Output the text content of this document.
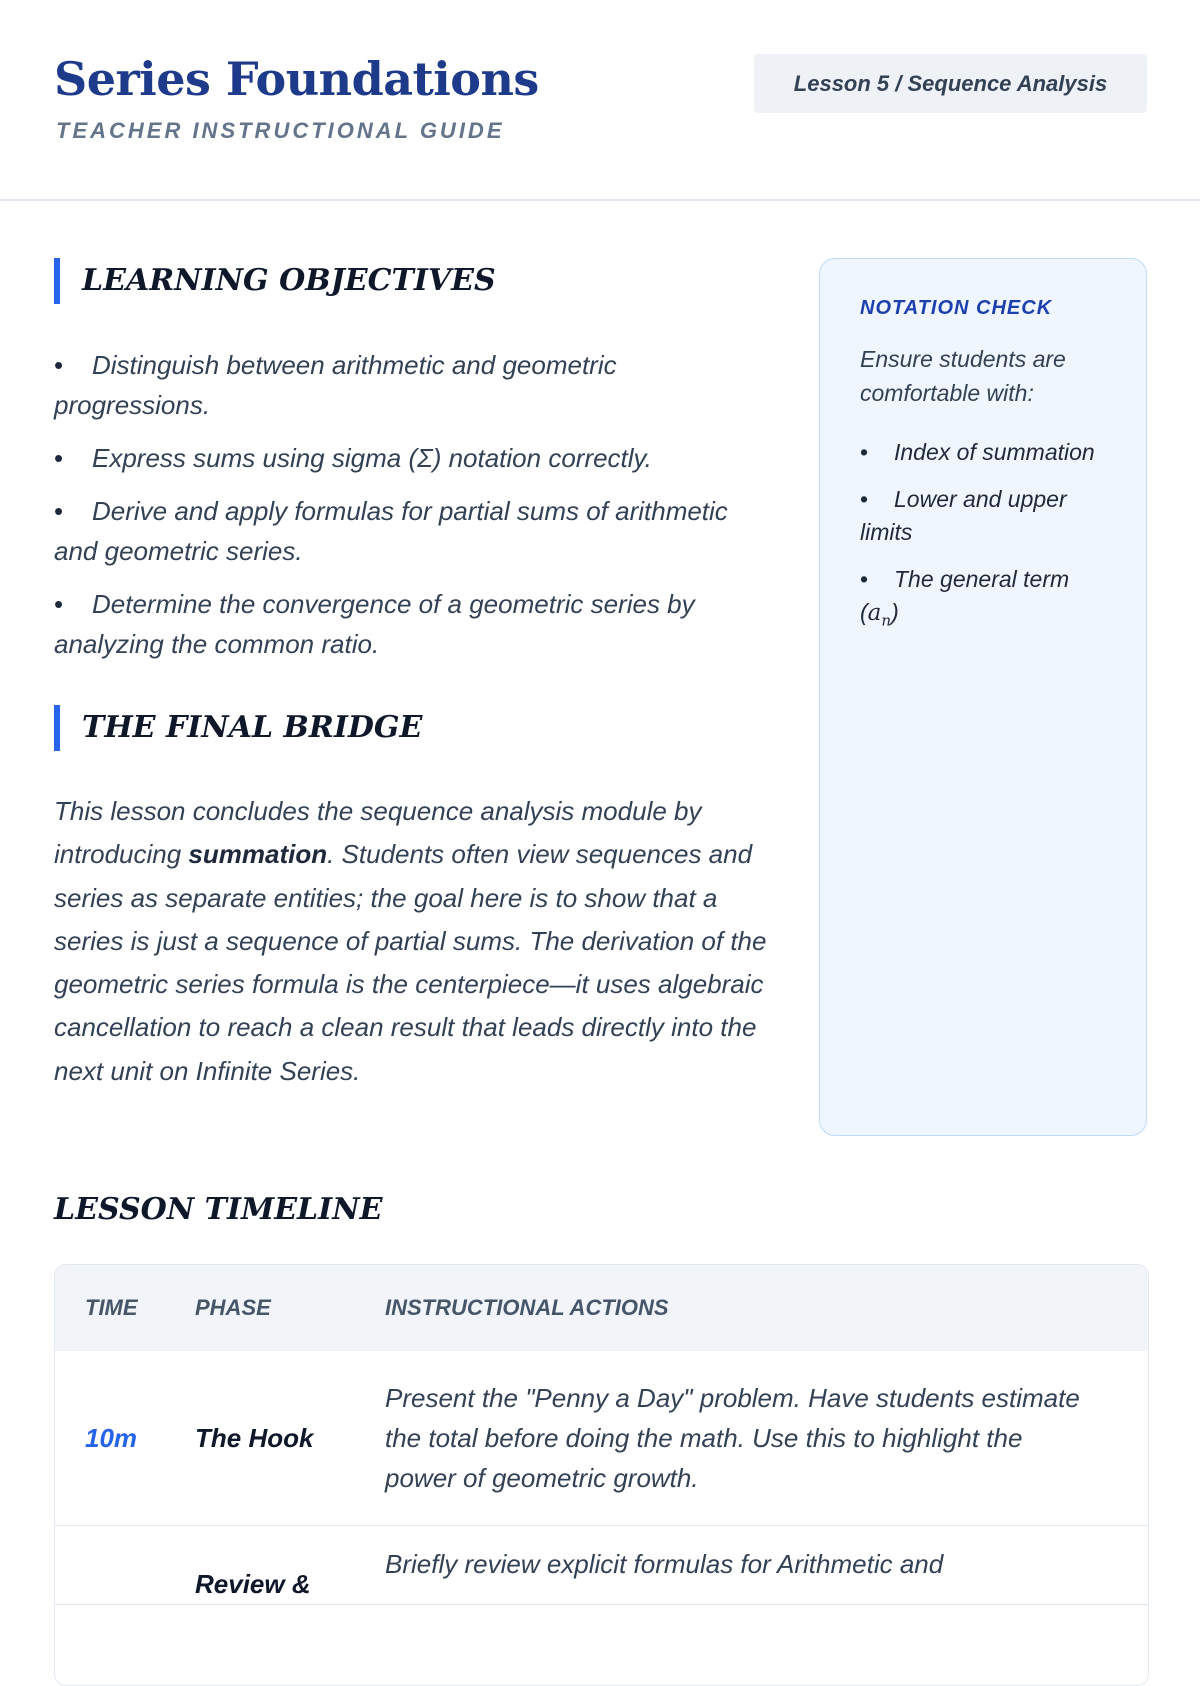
Series Foundations
TEACHER INSTRUCTIONAL GUIDE
Lesson 5 / Sequence Analysis
LEARNING OBJECTIVES
• Distinguish between arithmetic and geometric progressions.
• Express sums using sigma (Σ) notation correctly.
• Derive and apply formulas for partial sums of arithmetic and geometric series.
• Determine the convergence of a geometric series by analyzing the common ratio.
THE FINAL BRIDGE

This lesson concludes the sequence analysis module by introducing summation. Students often view sequences and series as separate entities; the goal here is to show that a series is just a sequence of partial sums. The derivation of the geometric series formula is the centerpiece—it uses algebraic cancellation to reach a clean result that leads directly into the next unit on Infinite Series.

NOTATION CHECK

Ensure students are comfortable with:

• Index of summation
• Lower and upper limits
• The general term $(a_n)$
LESSON TIMELINE
TIME	PHASE	INSTRUCTIONAL ACTIONS
10m	The Hook	Present the "Penny a Day" problem. Have students estimate the total before doing the math. Use this to highlight the power of geometric growth.
	Review &	Briefly review explicit formulas for Arithmetic and
